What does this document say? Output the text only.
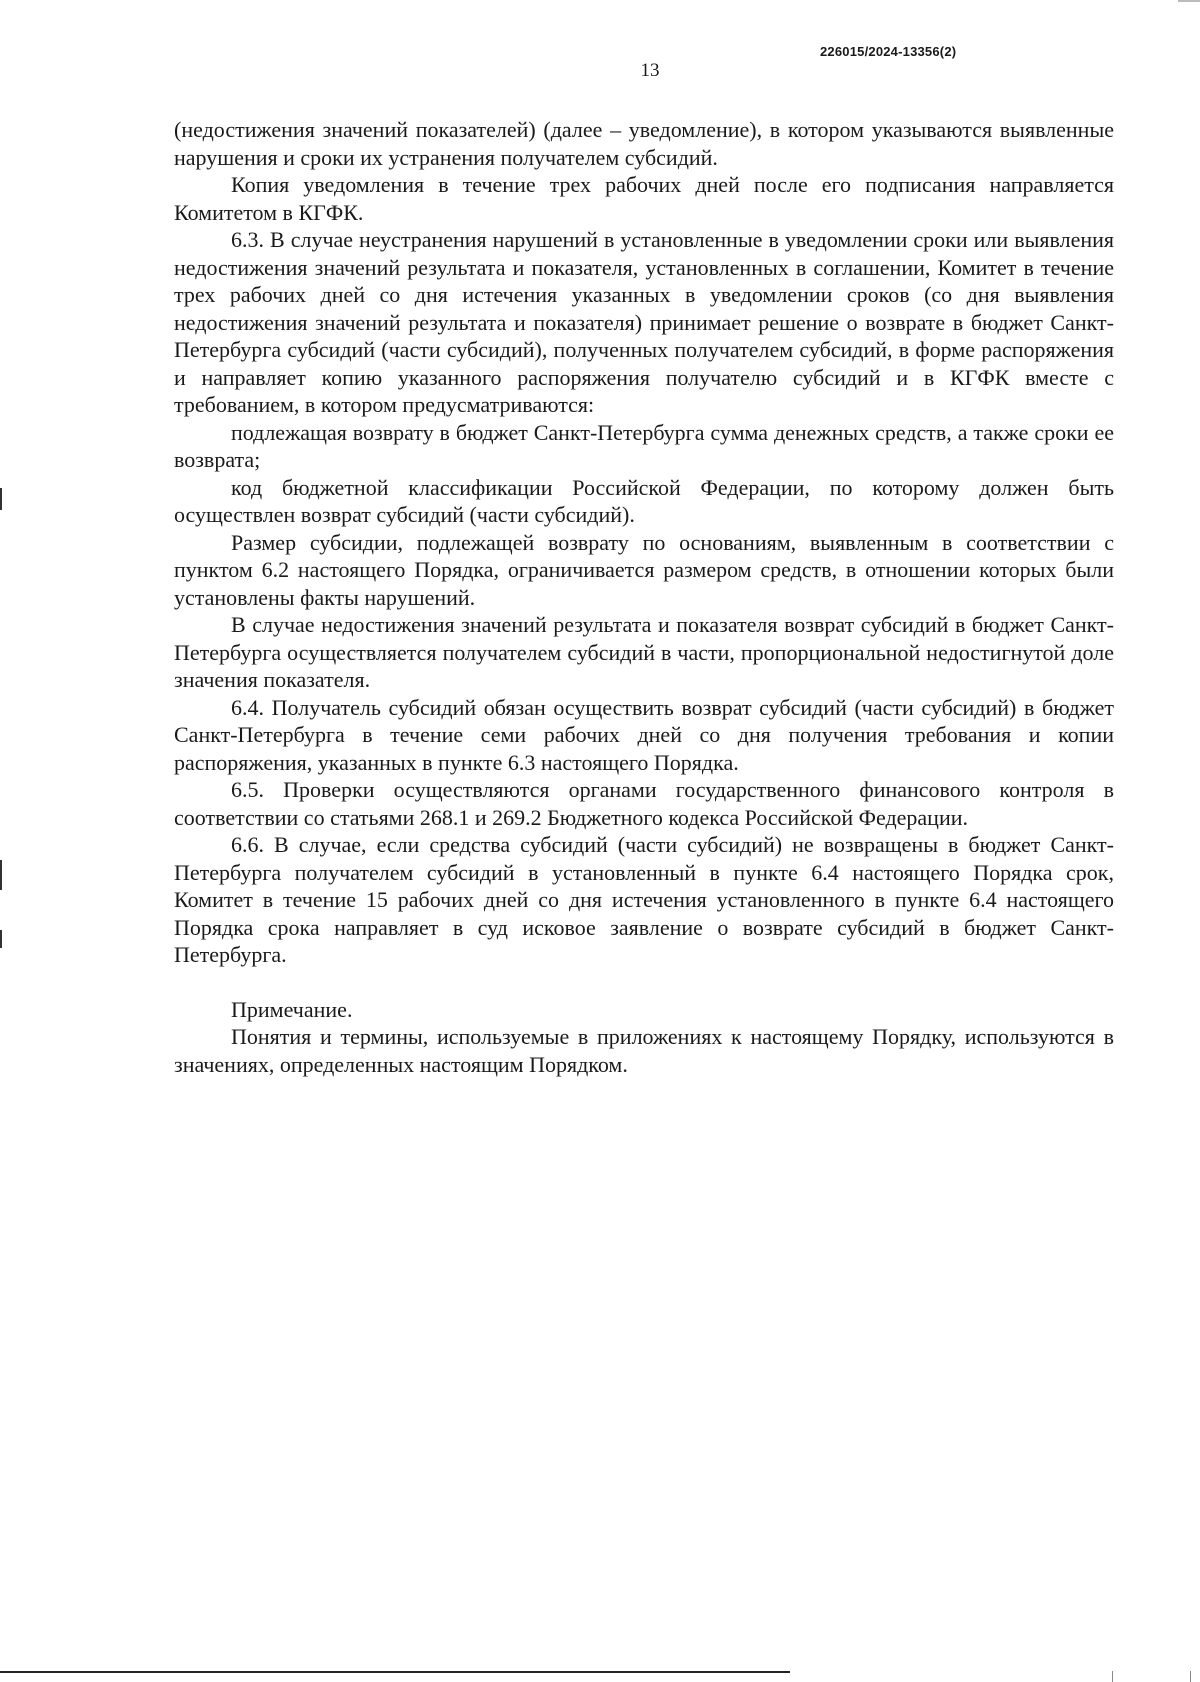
226015/2024-13356(2)
13

(недостижения значений показателей) (далее – уведомление), в котором указываются выявленные нарушения и сроки их устранения получателем субсидий.

Копия уведомления в течение трех рабочих дней после его подписания направляется Комитетом в КГФК.

6.3. В случае неустранения нарушений в установленные в уведомлении сроки или выявления недостижения значений результата и показателя, установленных в соглашении, Комитет в течение трех рабочих дней со дня истечения указанных в уведомлении сроков (со дня выявления недостижения значений результата и показателя) принимает решение о возврате в бюджет Санкт-Петербурга субсидий (части субсидий), полученных получателем субсидий, в форме распоряжения и направляет копию указанного распоряжения получателю субсидий и в КГФК вместе с требованием, в котором предусматриваются:

подлежащая возврату в бюджет Санкт-Петербурга сумма денежных средств, а также сроки ее возврата;

код бюджетной классификации Российской Федерации, по которому должен быть осуществлен возврат субсидий (части субсидий).

Размер субсидии, подлежащей возврату по основаниям, выявленным в соответствии с пунктом 6.2 настоящего Порядка, ограничивается размером средств, в отношении которых были установлены факты нарушений.

В случае недостижения значений результата и показателя возврат субсидий в бюджет Санкт-Петербурга осуществляется получателем субсидий в части, пропорциональной недостигнутой доле значения показателя.

6.4. Получатель субсидий обязан осуществить возврат субсидий (части субсидий) в бюджет Санкт-Петербурга в течение семи рабочих дней со дня получения требования и копии распоряжения, указанных в пункте 6.3 настоящего Порядка.

6.5. Проверки осуществляются органами государственного финансового контроля в соответствии со статьями 268.1 и 269.2 Бюджетного кодекса Российской Федерации.

6.6. В случае, если средства субсидий (части субсидий) не возвращены в бюджет Санкт-Петербурга получателем субсидий в установленный в пункте 6.4 настоящего Порядка срок, Комитет в течение 15 рабочих дней со дня истечения установленного в пункте 6.4 настоящего Порядка срока направляет в суд исковое заявление о возврате субсидий в бюджет Санкт-Петербурга.

Примечание.

Понятия и термины, используемые в приложениях к настоящему Порядку, используются в значениях, определенных настоящим Порядком.
